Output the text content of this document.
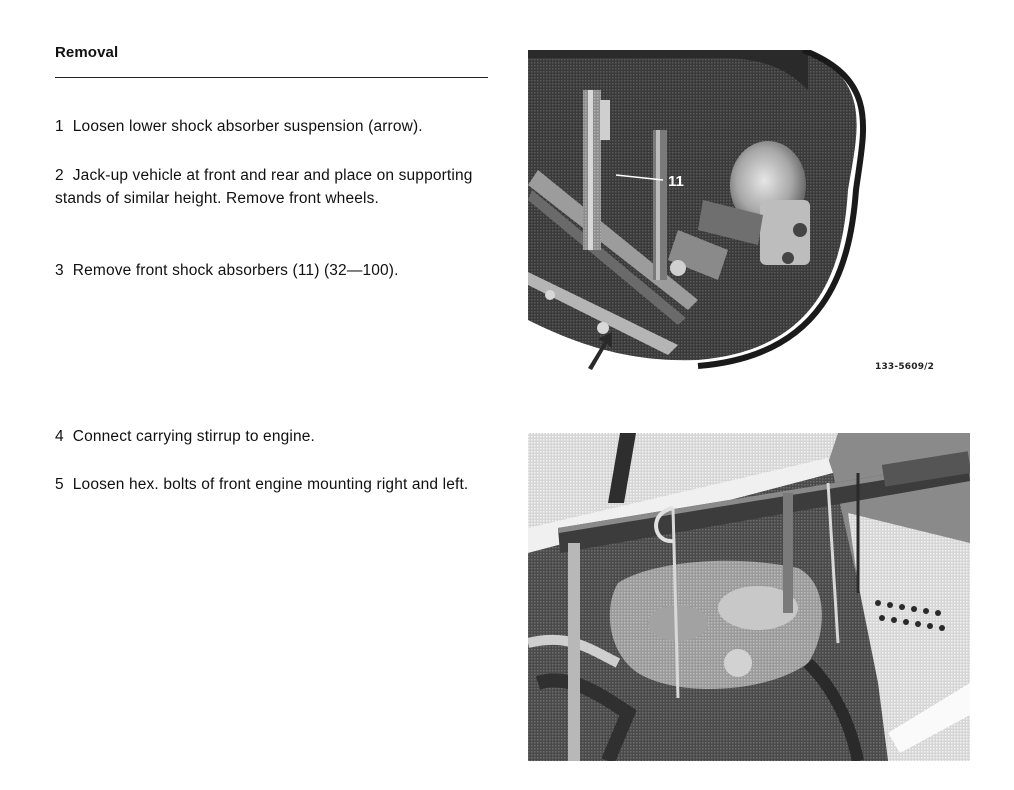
Removal
1 Loosen lower shock absorber suspension (arrow).
2 Jack-up vehicle at front and rear and place on supporting stands of similar height. Remove front wheels.
3 Remove front shock absorbers (11) (32—100).
4 Connect carrying stirrup to engine.
5 Loosen hex. bolts of front engine mounting right and left.
11
133-5609/2
